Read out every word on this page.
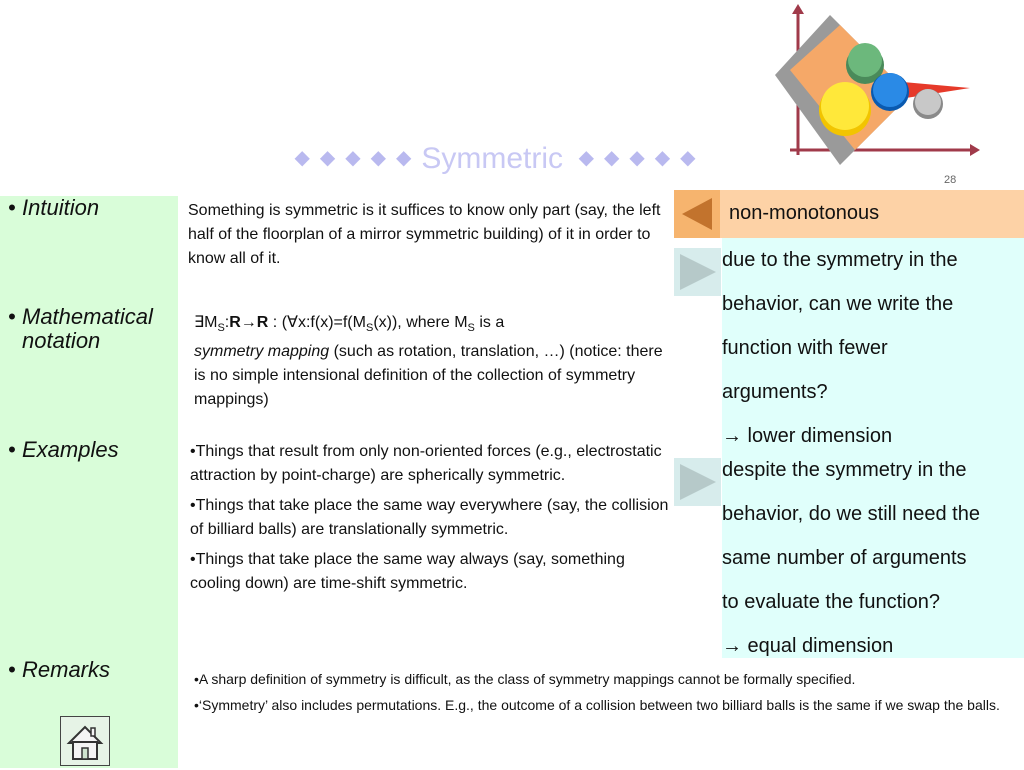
◆◆◆◆◆Symmetric ◆◆◆◆◆
28
• Intuition
• Mathematical notation
• Examples
• Remarks
Something is symmetric is it suffices to know only part (say, the left half of the floorplan of a mirror symmetric building) of it in order to know all of it.
$\exists M_S:R\to R$ : ($\forall x:f(x)=f(M_S(x))$, where $M_S$ is a
symmetry mapping (such as rotation, translation, …) (notice: there is no simple intensional definition of the collection of symmetry mappings)

•Things that result from only non-oriented forces (e.g., electrostatic attraction by point-charge) are spherically symmetric.

•Things that take place the same way everywhere (say, the collision of billiard balls) are translationally symmetric.

•Things that take place the same way always (say, something cooling down) are time-shift symmetric.

•A sharp definition of symmetry is difficult, as the class of symmetry mappings cannot be formally specified.
•‘Symmetry’ also includes permutations. E.g., the outcome of a collision between two billiard balls is the same if we swap the balls.
non-monotonous
due to the symmetry in the
behavior, can we write the
function with fewer
arguments?
→ lower dimension
despite the symmetry in the
behavior, do we still need the
same number of arguments
to evaluate the function?
→ equal dimension
